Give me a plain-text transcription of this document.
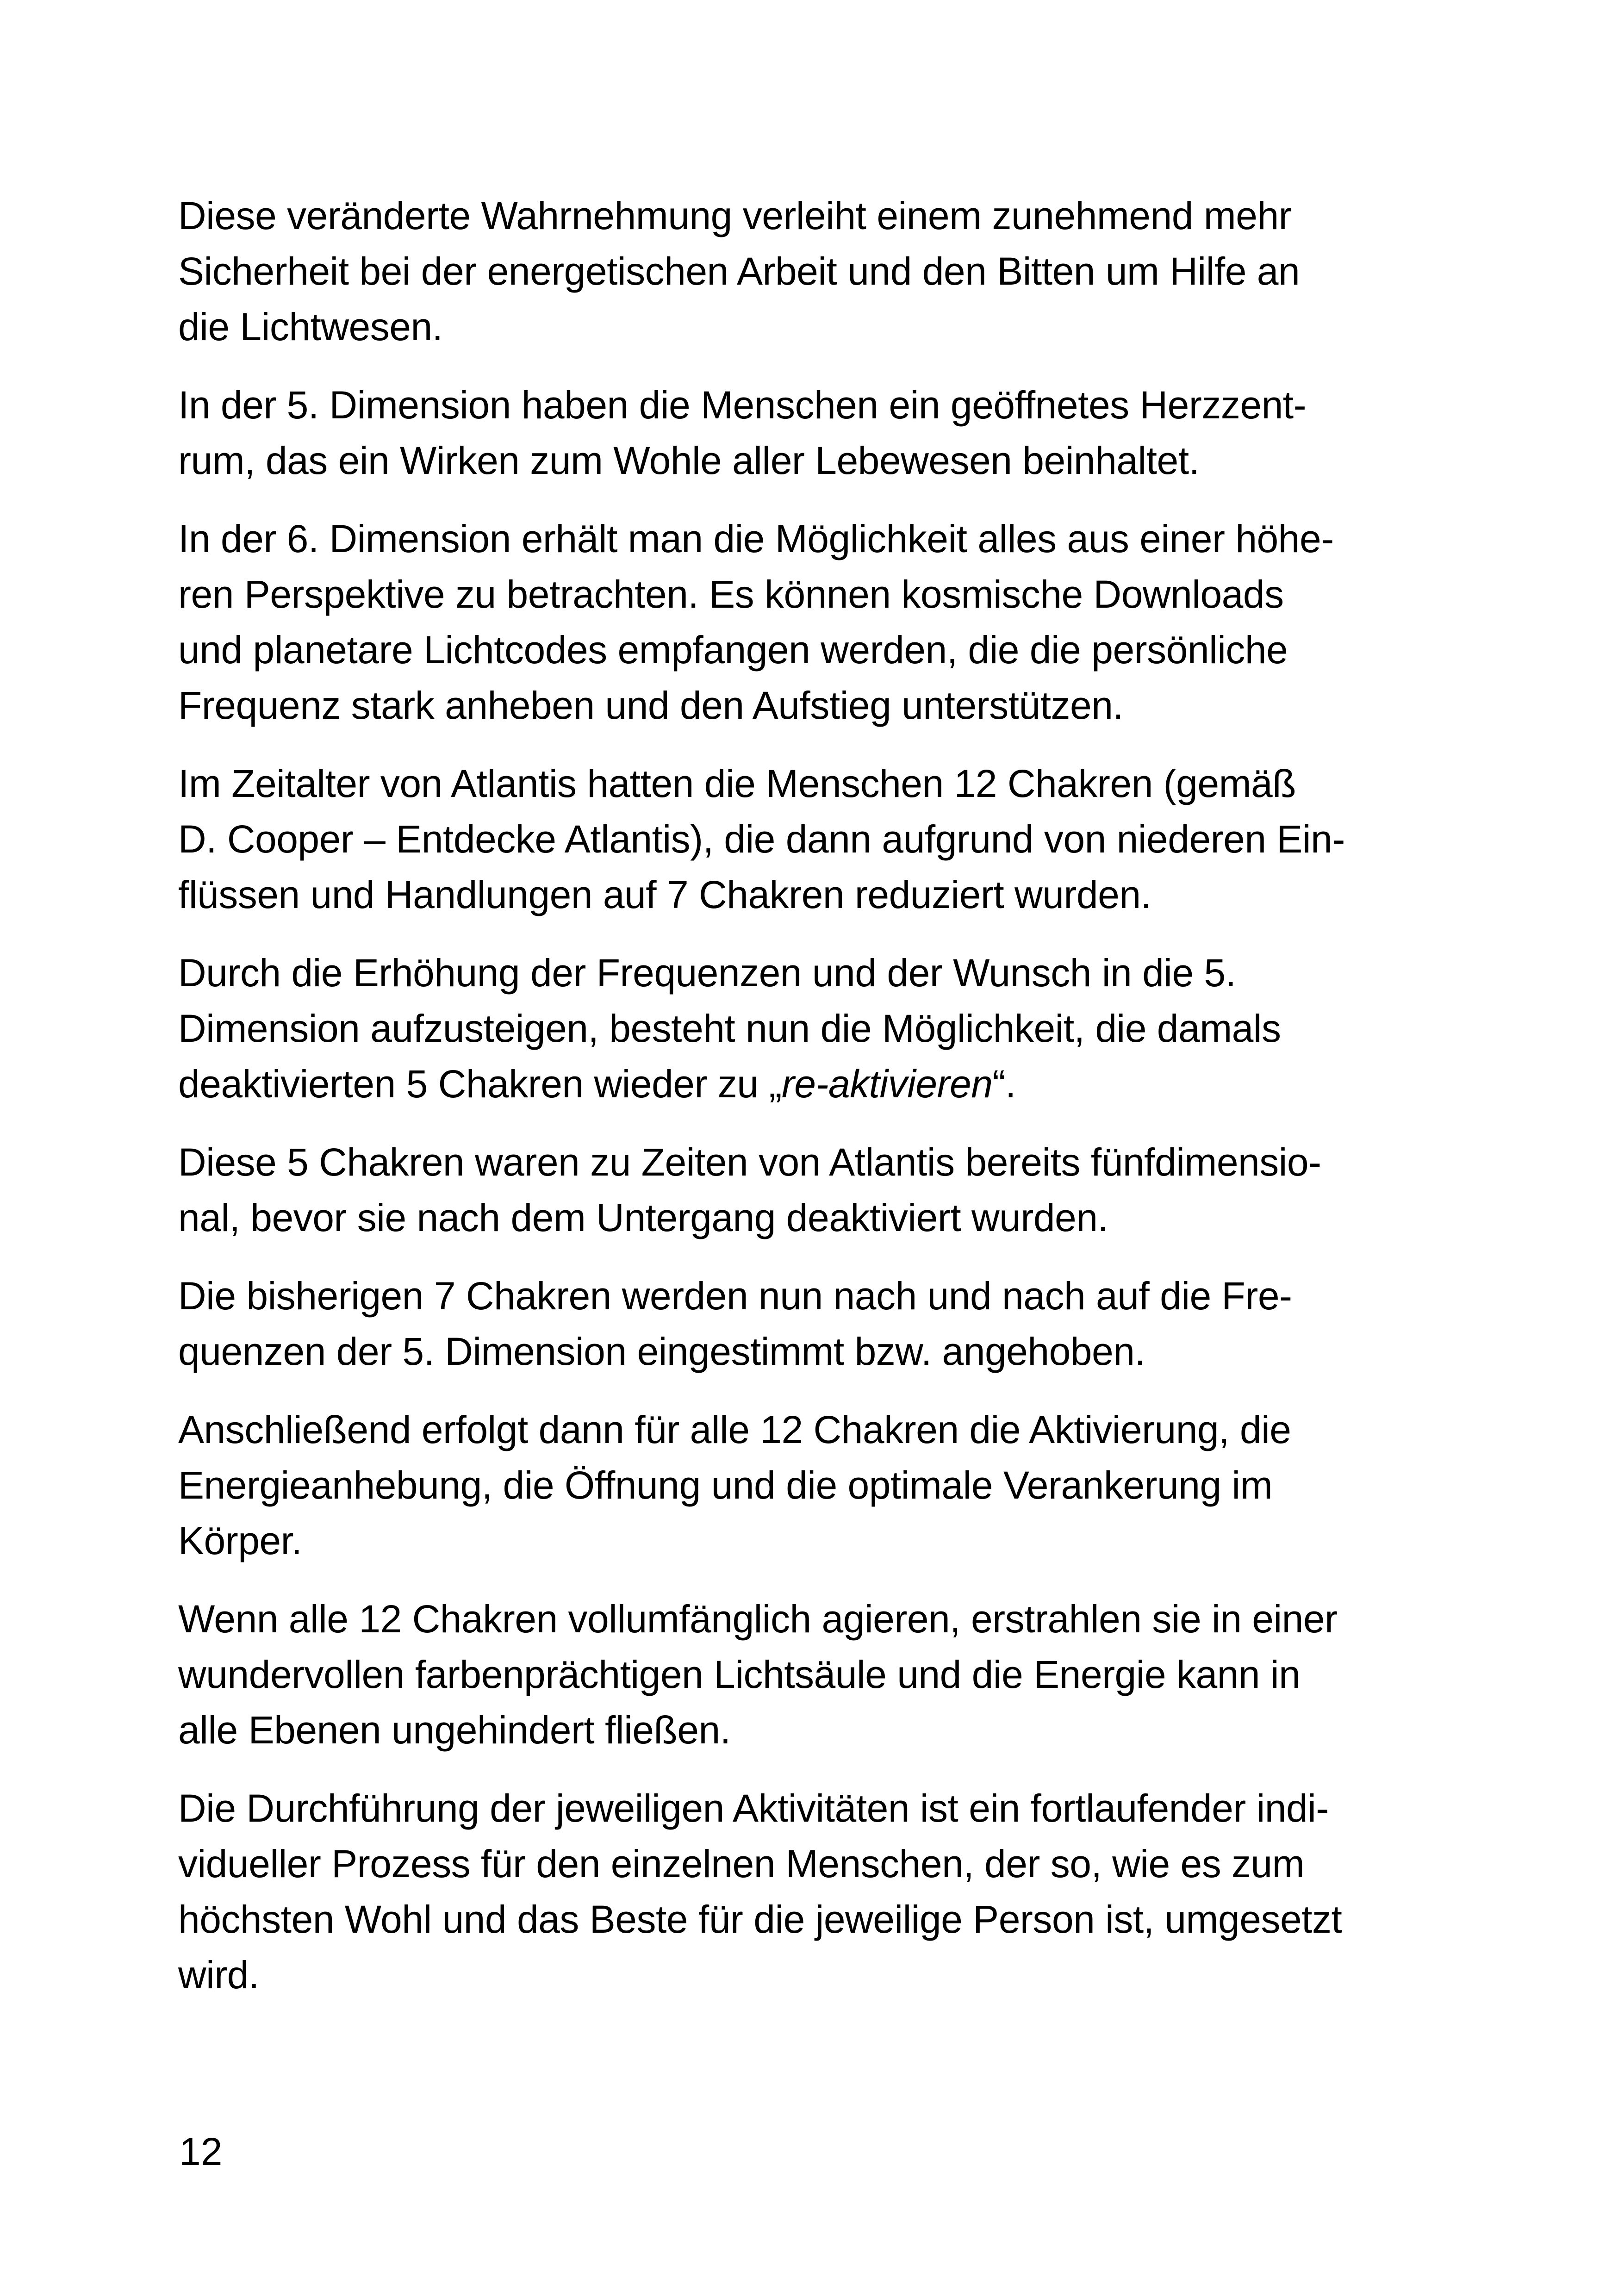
Diese veränderte Wahrnehmung verleiht einem zunehmend mehr
Sicherheit bei der energetischen Arbeit und den Bitten um Hilfe an
die Lichtwesen.
In der 5. Dimension haben die Menschen ein geöffnetes Herzzent-
rum, das ein Wirken zum Wohle aller Lebewesen beinhaltet.
In der 6. Dimension erhält man die Möglichkeit alles aus einer höhe-
ren Perspektive zu betrachten. Es können kosmische Downloads
und planetare Lichtcodes empfangen werden, die die persönliche
Frequenz stark anheben und den Aufstieg unterstützen.
Im Zeitalter von Atlantis hatten die Menschen 12 Chakren (gemäß
D. Cooper – Entdecke Atlantis), die dann aufgrund von niederen Ein-
flüssen und Handlungen auf 7 Chakren reduziert wurden.
Durch die Erhöhung der Frequenzen und der Wunsch in die 5.
Dimension aufzusteigen, besteht nun die Möglichkeit, die damals
deaktivierten 5 Chakren wieder zu „re-aktivieren“.
Diese 5 Chakren waren zu Zeiten von Atlantis bereits fünfdimensio-
nal, bevor sie nach dem Untergang deaktiviert wurden.
Die bisherigen 7 Chakren werden nun nach und nach auf die Fre-
quenzen der 5. Dimension eingestimmt bzw. angehoben.
Anschließend erfolgt dann für alle 12 Chakren die Aktivierung, die
Energieanhebung, die Öffnung und die optimale Verankerung im
Körper.
Wenn alle 12 Chakren vollumfänglich agieren, erstrahlen sie in einer
wundervollen farbenprächtigen Lichtsäule und die Energie kann in
alle Ebenen ungehindert fließen.
Die Durchführung der jeweiligen Aktivitäten ist ein fortlaufender indi-
vidueller Prozess für den einzelnen Menschen, der so, wie es zum
höchsten Wohl und das Beste für die jeweilige Person ist, umgesetzt
wird.
12
